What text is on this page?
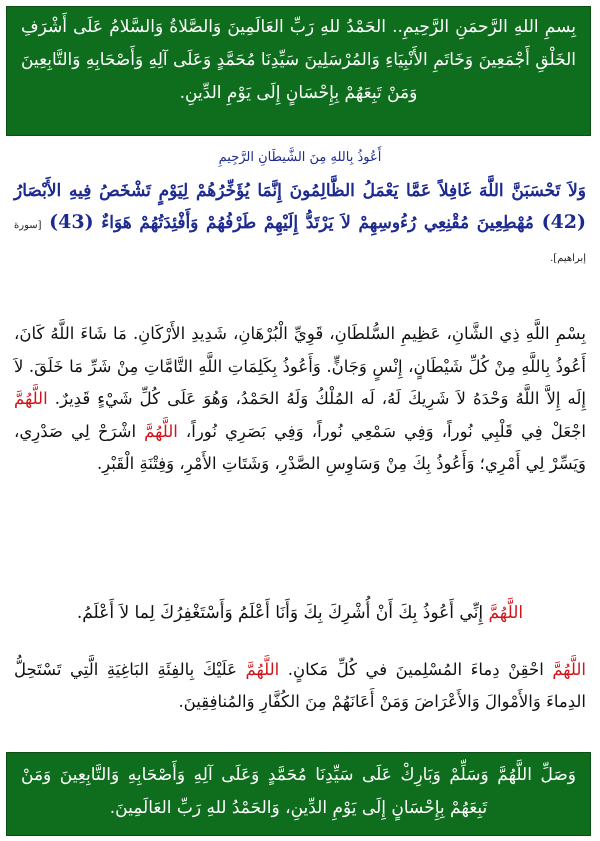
بِسمِ اللهِ الرَّحمَنِ الرَّحِيمِ.. الحَمْدُ للهِ رَبِّ العَالَمِينَ وَالصَّلاةُ وَالسَّلامُ عَلَى أَشْرَفِ الخَلْقِ أَجْمَعِينَ وَخَاتَمِ الأَنْبِيَاءِ وَالمُرْسَلِينَ سَيِّدِنَا مُحَمَّدٍ وَعَلَى آلِهِ وَأَصْحَابِهِ وَالتَّابِعِينَ وَمَنْ تَبِعَهُمْ بِإِحْسَانٍ إِلَى يَوْمِ الدِّينِ.
أَعُوذُ بِاللهِ مِنَ الشَّيطَانِ الرَّجِيمِ
وَلاَ تَحْسَبَنَّ اللَّهَ غَافِلاً عَمَّا يَعْمَلُ الظَّالِمُونَ إِنَّمَا يُؤَخِّرُهُمْ لِيَوْمٍ تَشْخَصُ فِيهِ الأَبْصَارُ (42) مُهْطِعِينَ مُقْنِعِي رُءُوسِهِمْ لاَ يَرْتَدُّ إِلَيْهِمْ طَرْفُهُمْ وَأَفْئِدَتُهُمْ هَوَاءٌ (43) [سورة إبراهيم].
بِسْمِ اللَّهِ ذِي الشَّانِ، عَظِيمِ السُّلطَانِ، قَوِيِّ الْبُرْهَانِ، شَدِيدِ الأَرْكَانِ. مَا شَاءَ اللَّهُ كَانَ، أَعُوذُ بِاللَّهِ مِنْ كُلِّ شَيْطَانٍ، إِنْسٍ وَجَانٍّ. وَأَعُوذُ بِكَلِمَاتِ اللَّهِ التَّامَّاتِ مِنْ شَرِّ مَا خَلَقَ. لاَ إِلَه إِلاَّ اللَّهُ وَحْدَهُ لاَ شَرِيكَ لَهُ، لَه المُلْكُ وَلَهُ الحَمْدُ، وَهُوَ عَلَى كُلِّ شَيْءٍ قَدِيرٌ. اللَّهُمَّ اجْعَلْ فِي قَلْبِي نُوراً، وَفِي سَمْعِي نُوراً، وَفِي بَصَرِي نُوراً، اللَّهُمَّ اشْرَحْ لِي صَدْرِي، وَيَسِّرْ لِي أَمْرِي؛ وَأَعُوذُ بِكَ مِنْ وَسَاوِسِ الصَّدْرِ، وَشَتَاتِ الأَمْرِ، وَفِتْنَةِ الْقَبْرِ.
اللَّهُمَّ إِنِّي أَعُوذُ بِكَ أَنْ أُشْرِكَ بِكَ وَأَنَا أَعْلَمُ وَأَسْتَغْفِرُكَ لِما لاَ أَعْلَمُ.
اللَّهُمَّ احْقِنْ دِماءَ المُسْلِمينَ في كُلِّ مَكانٍ. اللَّهُمَّ عَلَيْكَ بِالفِئَةِ البَاغِيَةِ الَّتِي تَسْتَحِلُّ الدِماءَ وَالأَمْوالَ وَالأَعْرَاضَ وَمَنْ أَعَانَهُمْ مِنَ الكُفَّارِ وَالمُنافِقِينَ.
وَصَلِّ اللَّهُمَّ وَسَلِّمْ وَبَارِكْ عَلَى سَيِّدِنَا مُحَمَّدٍ وَعَلَى آلِهِ وَأَصْحَابِهِ وَالتَّابِعِينَ وَمَنْ تَبِعَهُمْ بِإِحْسَانٍ إِلَى يَوْمِ الدِّينِ، وَالحَمْدُ للهِ رَبِّ العَالَمِينَ.
